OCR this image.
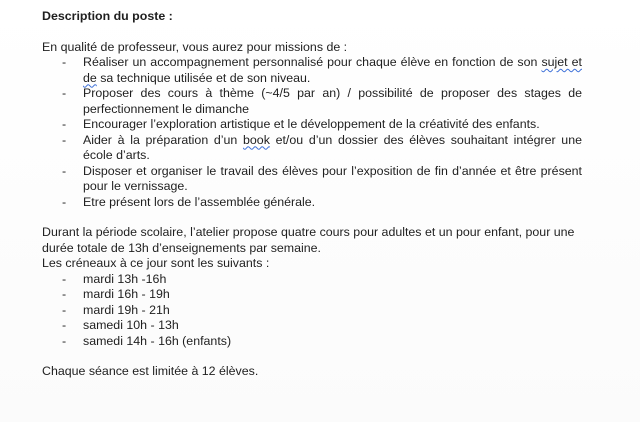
Description du poste :

En qualité de professeur, vous aurez pour missions de :

- Réaliser un accompagnement personnalisé pour chaque élève en fonction de son sujet et de sa technique utilisée et de son niveau.
- Proposer des cours à thème (~4/5 par an) / possibilité de proposer des stages de perfectionnement le dimanche
- Encourager l’exploration artistique et le développement de la créativité des enfants.
- Aider à la préparation d’un book et/ou d’un dossier des élèves souhaitant intégrer une école d’arts.
- Disposer et organiser le travail des élèves pour l’exposition de fin d’année et être présent pour le vernissage.
- Etre présent lors de l’assemblée générale.

Durant la période scolaire, l’atelier propose quatre cours pour adultes et un pour enfant, pour une durée totale de 13h d’enseignements par semaine.

Les créneaux à ce jour sont les suivants :

- mardi 13h -16h
- mardi 16h - 19h
- mardi 19h - 21h
- samedi 10h - 13h
- samedi 14h - 16h (enfants)

Chaque séance est limitée à 12 élèves.
